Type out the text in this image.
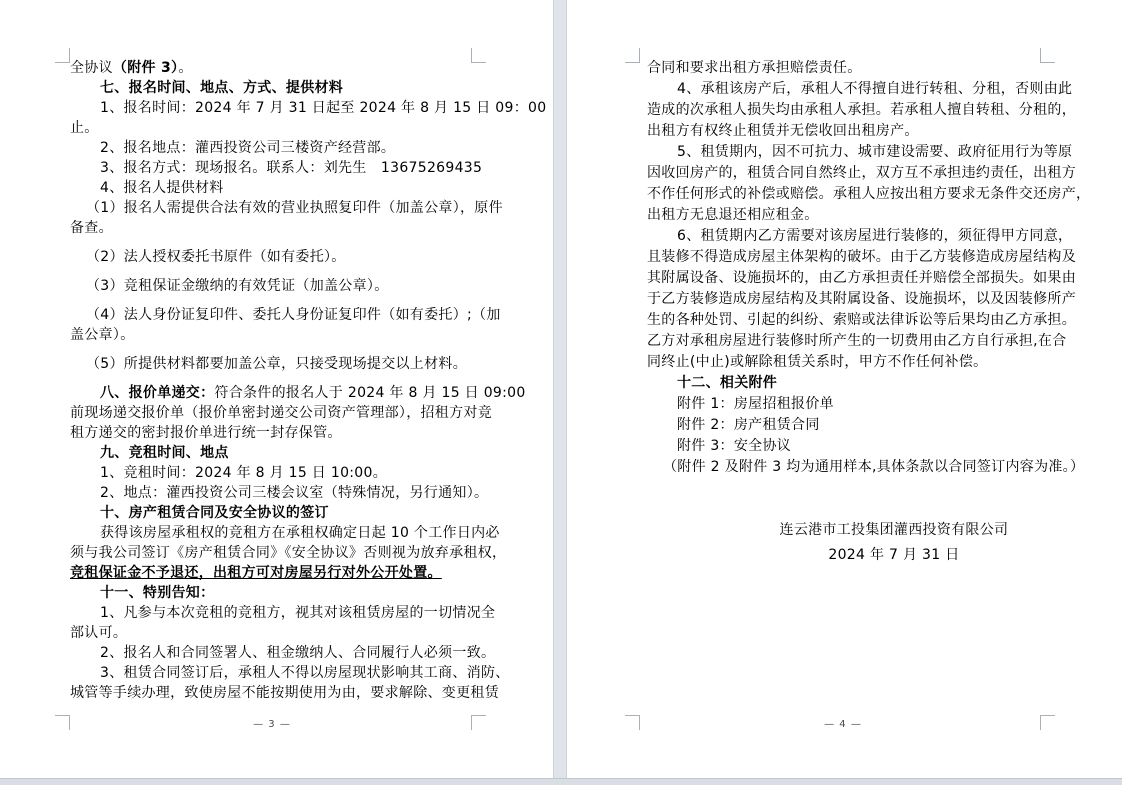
全协议（附件 3）。
七、报名时间、地点、方式、提供材料
1、报名时间：2024 年 7 月 31 日起至 2024 年 8 月 15 日 09：00
止。
2、报名地点：灌西投资公司三楼资产经营部。
3、报名方式：现场报名。联系人：刘先生　13675269435
4、报名人提供材料
（1）报名人需提供合法有效的营业执照复印件（加盖公章），原件
备查。
（2）法人授权委托书原件（如有委托）。
（3）竞租保证金缴纳的有效凭证（加盖公章）。
（4）法人身份证复印件、委托人身份证复印件（如有委托）;（加
盖公章）。
（5）所提供材料都要加盖公章，只接受现场提交以上材料。
八、报价单递交：符合条件的报名人于 2024 年 8 月 15 日 09:00
前现场递交报价单（报价单密封递交公司资产管理部），招租方对竞
租方递交的密封报价单进行统一封存保管。
九、竞租时间、地点
1、竞租时间：2024 年 8 月 15 日 10:00。
2、地点：灌西投资公司三楼会议室（特殊情况，另行通知）。
十、房产租赁合同及安全协议的签订
获得该房屋承租权的竞租方在承租权确定日起 10 个工作日内必
须与我公司签订《房产租赁合同》《安全协议》否则视为放弃承租权，
竞租保证金不予退还，出租方可对房屋另行对外公开处置。
十一、特别告知：
1、凡参与本次竞租的竞租方，视其对该租赁房屋的一切情况全
部认可。
2、报名人和合同签署人、租金缴纳人、合同履行人必须一致。
3、租赁合同签订后，承租人不得以房屋现状影响其工商、消防、
城管等手续办理，致使房屋不能按期使用为由，要求解除、变更租赁
— 3 —
合同和要求出租方承担赔偿责任。
4、承租该房产后，承租人不得擅自进行转租、分租，否则由此
造成的次承租人损失均由承租人承担。若承租人擅自转租、分租的，
出租方有权终止租赁并无偿收回出租房产。
5、租赁期内，因不可抗力、城市建设需要、政府征用行为等原
因收回房产的，租赁合同自然终止，双方互不承担违约责任，出租方
不作任何形式的补偿或赔偿。承租人应按出租方要求无条件交还房产，
出租方无息退还相应租金。
6、租赁期内乙方需要对该房屋进行装修的，须征得甲方同意，
且装修不得造成房屋主体架构的破坏。由于乙方装修造成房屋结构及
其附属设备、设施损坏的，由乙方承担责任并赔偿全部损失。如果由
于乙方装修造成房屋结构及其附属设备、设施损坏，以及因装修所产
生的各种处罚、引起的纠纷、索赔或法律诉讼等后果均由乙方承担。
乙方对承租房屋进行装修时所产生的一切费用由乙方自行承担,在合
同终止(中止)或解除租赁关系时，甲方不作任何补偿。
十二、相关附件
附件 1：房屋招租报价单
附件 2：房产租赁合同
附件 3：安全协议
（附件 2 及附件 3 均为通用样本,具体条款以合同签订内容为准。）

连云港市工投集团灌西投资有限公司
2024 年 7 月 31 日
— 4 —
